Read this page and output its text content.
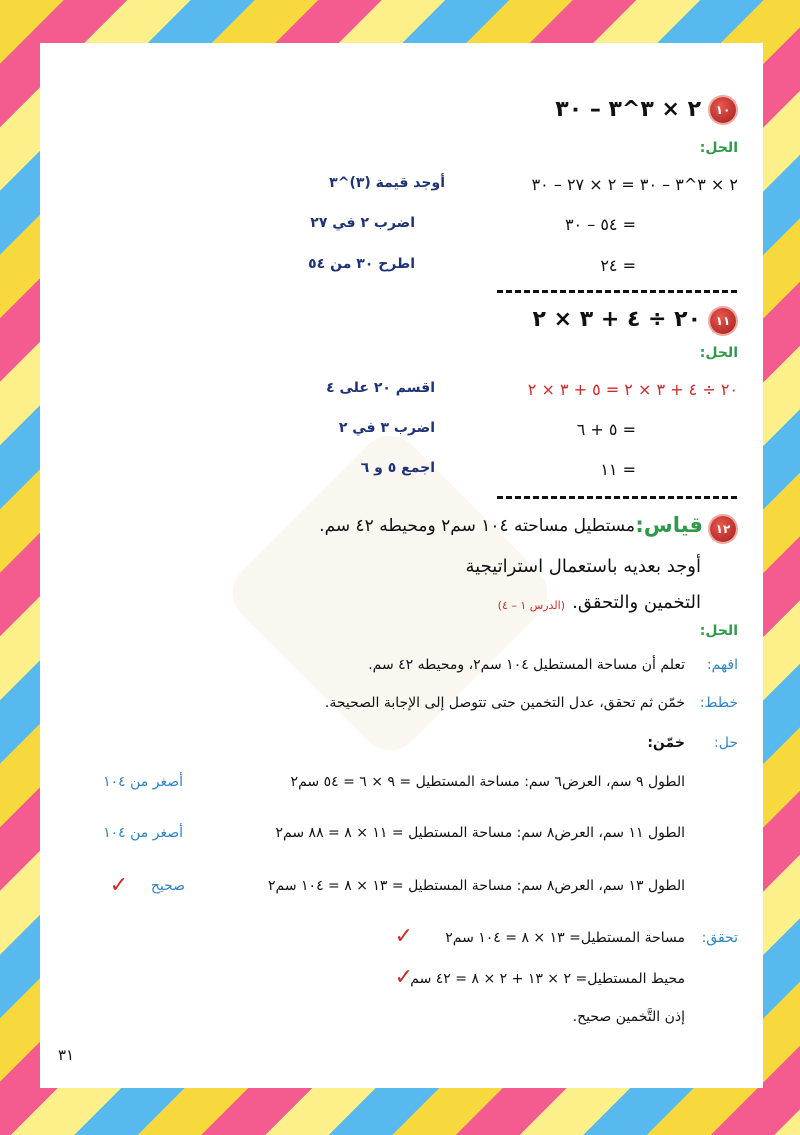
١٠
٢ × ٣^٣ – ٣٠
الحل:
٢ × ٣^٣ – ٣٠ = ٢ × ٢٧ – ٣٠
أوجد قيمة (٣)^٣
= ٥٤ – ٣٠
اضرب ٢ في ٢٧
= ٢٤
اطرح ٣٠ من ٥٤
١١
٢٠ ÷ ٤ + ٣ × ٢
الحل:
٢٠ ÷ ٤ + ٣ × ٢ = ٥ + ٣ × ٢
اقسم ٢٠ على ٤
= ٥ + ٦
اضرب ٣ في ٢
= ١١
اجمع ٥ و ٦
١٢
قياس:
مستطيل مساحته ١٠٤ سم٢ ومحيطه ٤٢ سم.
أوجد بعديه باستعمال استراتيجية
التخمين والتحقق.
(الدرس ١ – ٤)
الحل:
افهم:
تعلم أن مساحة المستطيل ١٠٤ سم٢، ومحيطه ٤٢ سم.
خطط:
خمّن ثم تحقق، عدل التخمين حتى تتوصل إلى الإجابة الصحيحة.
حل:
خمّن:
الطول ٩ سم، العرض٦ سم: مساحة المستطيل = ٩ × ٦ = ٥٤ سم٢
أصغر من ١٠٤
الطول ١١ سم، العرض٨ سم: مساحة المستطيل = ١١ × ٨ = ٨٨ سم٢
أصغر من ١٠٤
الطول ١٣ سم، العرض٨ سم: مساحة المستطيل = ١٣ × ٨ = ١٠٤ سم٢
صحيح
✓
تحقق:
مساحة المستطيل= ١٣ × ٨ = ١٠٤ سم٢
✓
محيط المستطيل= ٢ × ١٣ + ٢ × ٨ = ٤٢ سم
✓
إذن التَّخمين صحيح.
٣١
